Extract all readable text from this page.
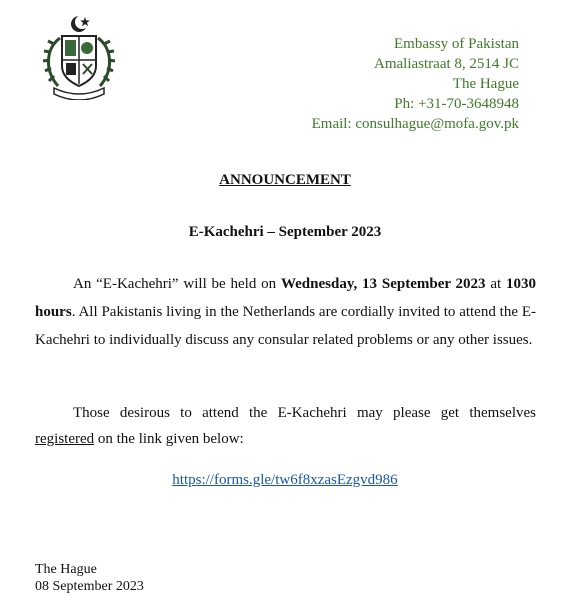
Embassy of Pakistan
Amaliastraat 8, 2514 JC
The Hague
Ph: +31-70-3648948
Email: consulhague@mofa.gov.pk
ANNOUNCEMENT
E-Kachehri – September 2023
An “E-Kachehri” will be held on Wednesday, 13 September 2023 at 1030 hours. All Pakistanis living in the Netherlands are cordially invited to attend the E-Kachehri to individually discuss any consular related problems or any other issues.
Those desirous to attend the E-Kachehri may please get themselves registered on the link given below:
https://forms.gle/tw6f8xzasEzgvd986
The Hague
08 September 2023
